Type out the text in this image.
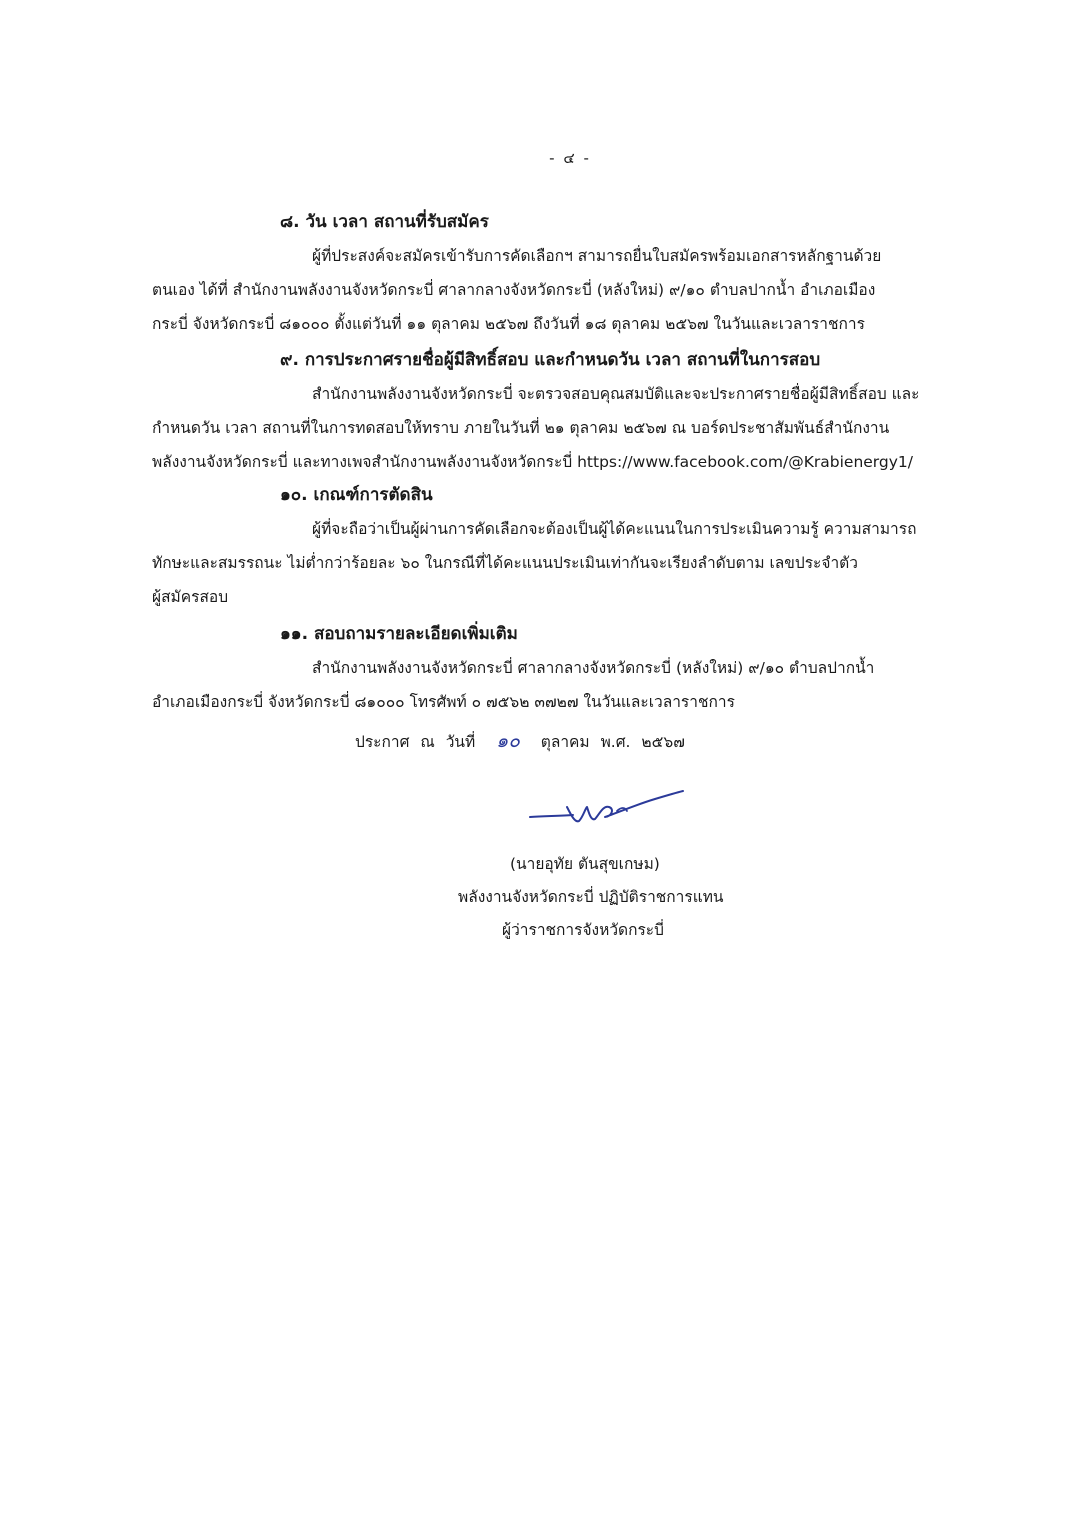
- ๔ -
๘. วัน เวลา สถานที่รับสมัคร
ผู้ที่ประสงค์จะสมัครเข้ารับการคัดเลือกฯ สามารถยื่นใบสมัครพร้อมเอกสารหลักฐานด้วย
ตนเอง ได้ที่ สำนักงานพลังงานจังหวัดกระบี่ ศาลากลางจังหวัดกระบี่ (หลังใหม่) ๙/๑๐ ตำบลปากน้ำ อำเภอเมือง
กระบี่ จังหวัดกระบี่ ๘๑๐๐๐ ตั้งแต่วันที่ ๑๑ ตุลาคม ๒๕๖๗ ถึงวันที่ ๑๘ ตุลาคม ๒๕๖๗ ในวันและเวลาราชการ
๙. การประกาศรายชื่อผู้มีสิทธิ์สอบ และกำหนดวัน เวลา สถานที่ในการสอบ
สำนักงานพลังงานจังหวัดกระบี่ จะตรวจสอบคุณสมบัติและจะประกาศรายชื่อผู้มีสิทธิ์สอบ และ
กำหนดวัน เวลา สถานที่ในการทดสอบให้ทราบ ภายในวันที่ ๒๑ ตุลาคม ๒๕๖๗ ณ บอร์ดประชาสัมพันธ์สำนักงาน
พลังงานจังหวัดกระบี่ และทางเพจสำนักงานพลังงานจังหวัดกระบี่ https://www.facebook.com/@Krabienergy1/
๑๐. เกณฑ์การตัดสิน
ผู้ที่จะถือว่าเป็นผู้ผ่านการคัดเลือกจะต้องเป็นผู้ได้คะแนนในการประเมินความรู้ ความสามารถ
ทักษะและสมรรถนะ ไม่ต่ำกว่าร้อยละ ๖๐ ในกรณีที่ได้คะแนนประเมินเท่ากันจะเรียงลำดับตาม เลขประจำตัว
ผู้สมัครสอบ
๑๑. สอบถามรายละเอียดเพิ่มเติม
สำนักงานพลังงานจังหวัดกระบี่ ศาลากลางจังหวัดกระบี่ (หลังใหม่) ๙/๑๐ ตำบลปากน้ำ
อำเภอเมืองกระบี่ จังหวัดกระบี่ ๘๑๐๐๐ โทรศัพท์ ๐ ๗๕๖๒ ๓๗๒๗ ในวันและเวลาราชการ
ประกาศ ณ วันที่ ๑๐ ตุลาคม พ.ศ. ๒๕๖๗
(นายอุทัย ตันสุขเกษม)
พลังงานจังหวัดกระบี่ ปฏิบัติราชการแทน
ผู้ว่าราชการจังหวัดกระบี่
